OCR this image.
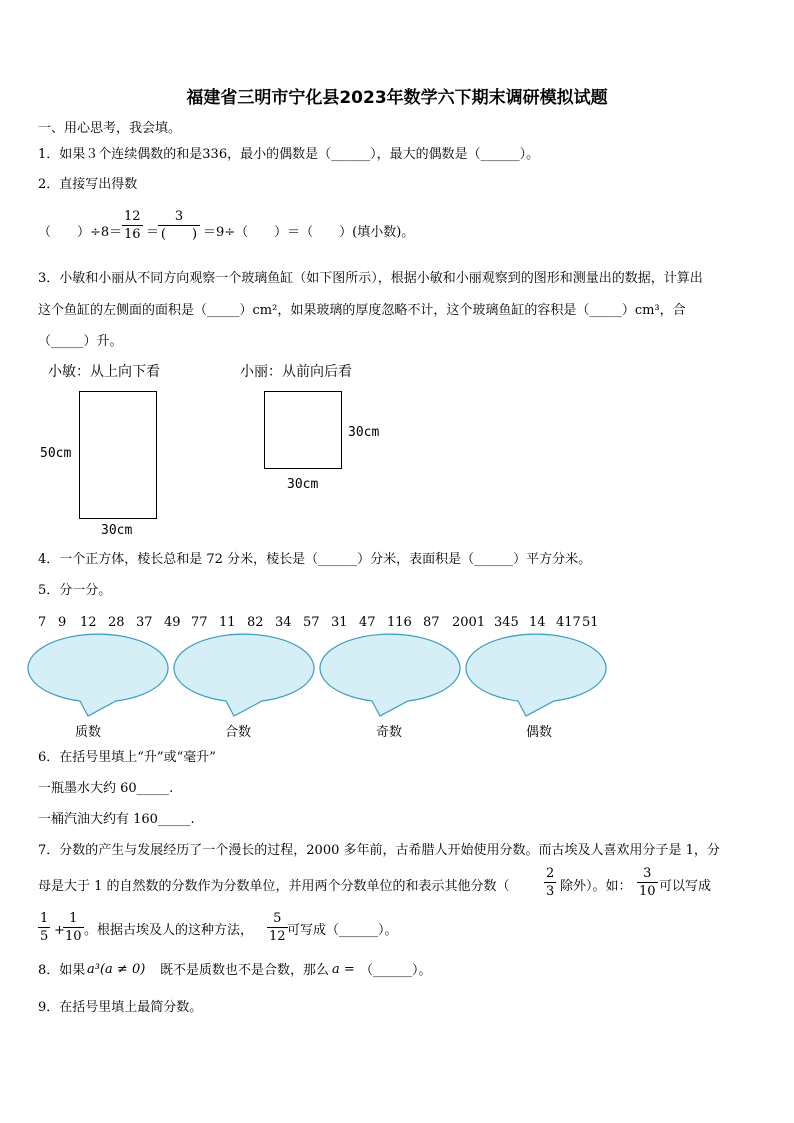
福建省三明市宁化县2023年数学六下期末调研模拟试题
一、用心思考，我会填。
1．如果３个连续偶数的和是336，最小的偶数是（______），最大的偶数是（______）。
2．直接写出得数
（　　）÷8＝
12
16 ＝
3
(　　) ＝9÷（　　）＝（　　）(填小数)。
3．小敏和小丽从不同方向观察一个玻璃鱼缸（如下图所示），根据小敏和小丽观察到的图形和测量出的数据，计算出
这个鱼缸的左侧面的面积是（_____）cm²，如果玻璃的厚度忽略不计，这个玻璃鱼缸的容积是（_____）cm³，合
（_____）升。
小敏：从上向下看	小丽：从前向后看
50cm
30cm
30cm
30cm
4．一个正方体，棱长总和是 72 分米，棱长是（______）分米，表面积是（______）平方分米。
5．分一分。
7 9 12 28 37 49 77 11 82 34 57 31 47 116 87 2001 345 14 417 51
质数	合数	奇数	偶数
6．在括号里填上“升”或“毫升”
一瓶墨水大约 60_____.
一桶汽油大约有 160_____.
7．分数的产生与发展经历了一个漫长的过程，2000 多年前，古希腊人开始使用分数。而古埃及人喜欢用分子是 1，分
母是大于 1 的自然数的分数作为分数单位，并用两个分数单位的和表示其他分数（
2
3 除外）。如：
3
10 可以写成
1
5 +
1
10 。根据古埃及人的这种方法，
5
12 可写成（______）。
8．如果 a³(a ≠ 0) 既不是质数也不是合数，那么 a = （______）。
9．在括号里填上最简分数。
